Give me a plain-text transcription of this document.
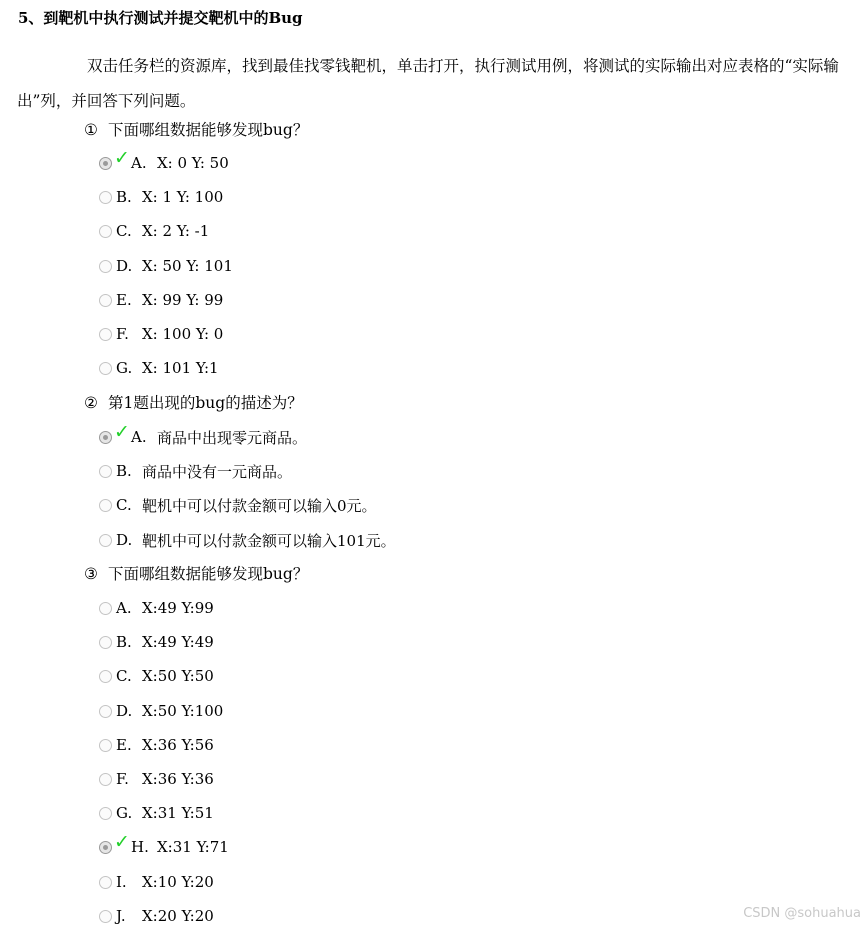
5、到靶机中执行测试并提交靶机中的Bug

双击任务栏的资源库，找到最佳找零钱靶机，单击打开，执行测试用例，将测试的实际输出对应表格的“实际输出”列，并回答下列问题。

① 下面哪组数据能够发现bug？
✓ A. X: 0 Y: 50
B. X: 1 Y: 100
C. X: 2 Y: -1
D. X: 50 Y: 101
E. X: 99 Y: 99
F. X: 100 Y: 0
G. X: 101 Y:1
② 第1题出现的bug的描述为？
✓ A. 商品中出现零元商品。
B. 商品中没有一元商品。
C. 靶机中可以付款金额可以输入0元。
D. 靶机中可以付款金额可以输入101元。
③ 下面哪组数据能够发现bug？
A. X:49 Y:99
B. X:49 Y:49
C. X:50 Y:50
D. X:50 Y:100
E. X:36 Y:56
F. X:36 Y:36
G. X:31 Y:51
✓ H. X:31 Y:71
I.	X:10 Y:20
J.	X:20 Y:20	CSDN @sohuahua
